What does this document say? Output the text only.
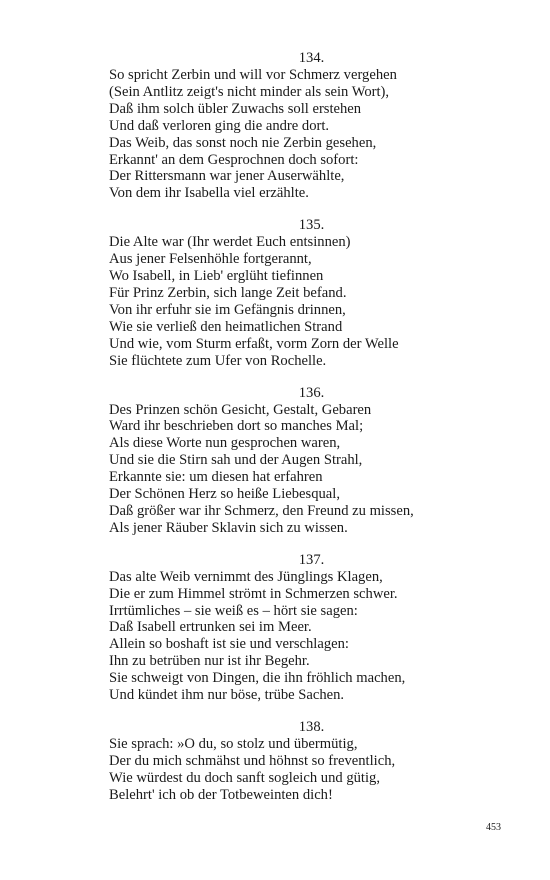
134.
So spricht Zerbin und will vor Schmerz vergehen
(Sein Antlitz zeigt's nicht minder als sein Wort),
Daß ihm solch übler Zuwachs soll erstehen
Und daß verloren ging die andre dort.
Das Weib, das sonst noch nie Zerbin gesehen,
Erkannt' an dem Gesprochnen doch sofort:
Der Rittersmann war jener Auserwählte,
Von dem ihr Isabella viel erzählte.
135.
Die Alte war (Ihr werdet Euch entsinnen)
Aus jener Felsenhöhle fortgerannt,
Wo Isabell, in Lieb' erglüht tiefinnen
Für Prinz Zerbin, sich lange Zeit befand.
Von ihr erfuhr sie im Gefängnis drinnen,
Wie sie verließ den heimatlichen Strand
Und wie, vom Sturm erfaßt, vorm Zorn der Welle
Sie flüchtete zum Ufer von Rochelle.
136.
Des Prinzen schön Gesicht, Gestalt, Gebaren
Ward ihr beschrieben dort so manches Mal;
Als diese Worte nun gesprochen waren,
Und sie die Stirn sah und der Augen Strahl,
Erkannte sie: um diesen hat erfahren
Der Schönen Herz so heiße Liebesqual,
Daß größer war ihr Schmerz, den Freund zu missen,
Als jener Räuber Sklavin sich zu wissen.
137.
Das alte Weib vernimmt des Jünglings Klagen,
Die er zum Himmel strömt in Schmerzen schwer.
Irrtümliches – sie weiß es – hört sie sagen:
Daß Isabell ertrunken sei im Meer.
Allein so boshaft ist sie und verschlagen:
Ihn zu betrüben nur ist ihr Begehr.
Sie schweigt von Dingen, die ihn fröhlich machen,
Und kündet ihm nur böse, trübe Sachen.
138.
Sie sprach: »O du, so stolz und übermütig,
Der du mich schmähst und höhnst so freventlich,
Wie würdest du doch sanft sogleich und gütig,
Belehrt' ich ob der Totbeweinten dich!
453
